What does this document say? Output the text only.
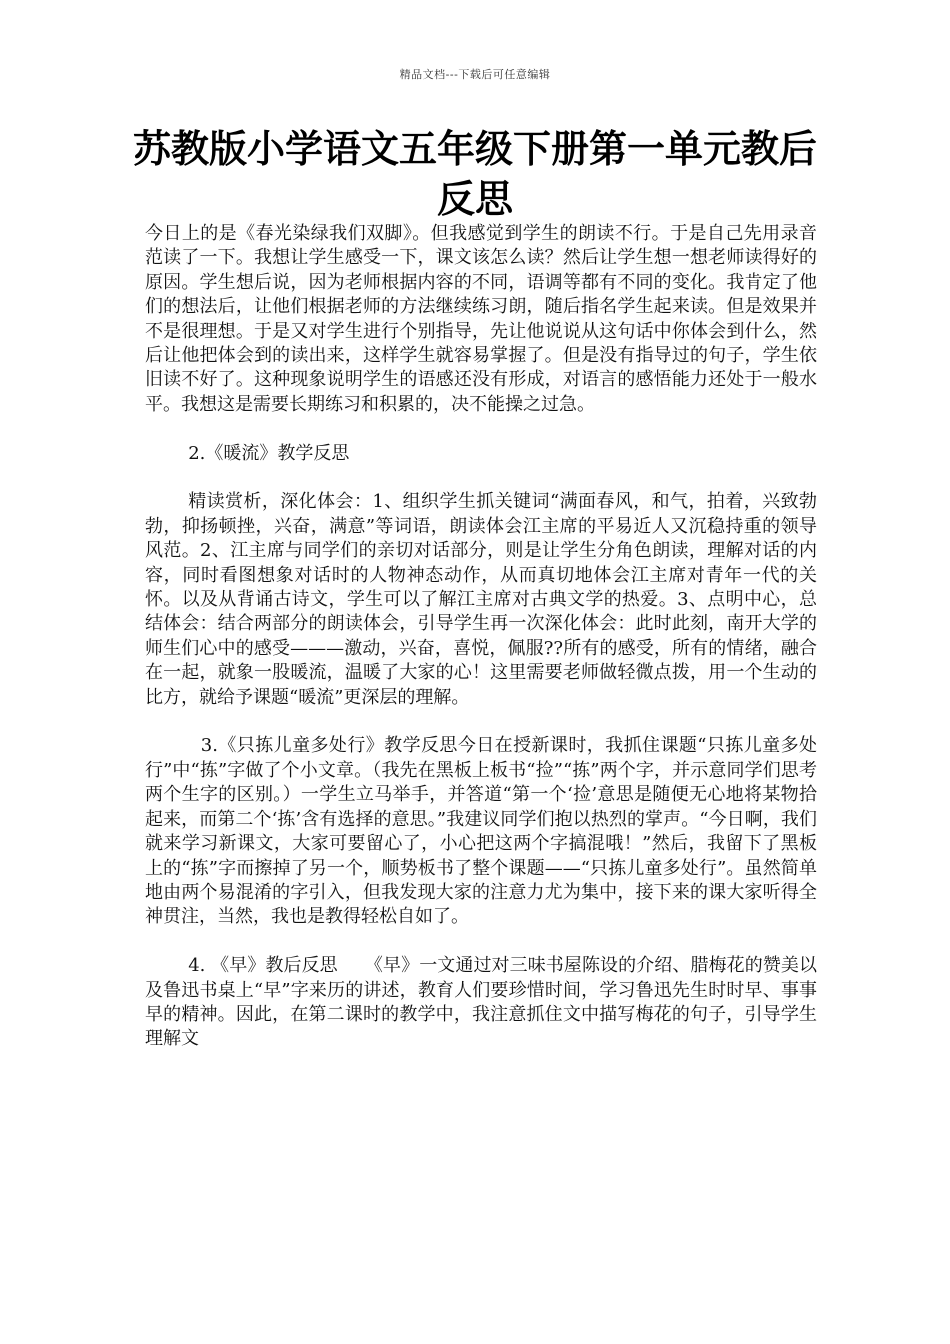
精品文档---下载后可任意编辑
苏教版小学语文五年级下册第一单元教后反思

今日上的是《春光染绿我们双脚》。但我感觉到学生的朗读不行。于是自己先用录音范读了一下。我想让学生感受一下，课文该怎么读？然后让学生想一想老师读得好的原因。学生想后说，因为老师根据内容的不同，语调等都有不同的变化。我肯定了他们的想法后，让他们根据老师的方法继续练习朗，随后指名学生起来读。但是效果并不是很理想。于是又对学生进行个别指导，先让他说说从这句话中你体会到什么，然后让他把体会到的读出来，这样学生就容易掌握了。但是没有指导过的句子，学生依旧读不好了。这种现象说明学生的语感还没有形成，对语言的感悟能力还处于一般水平。我想这是需要长期练习和积累的，决不能操之过急。

2.《暖流》教学反思

精读赏析，深化体会：1、组织学生抓关键词“满面春风，和气，拍着，兴致勃勃，抑扬顿挫，兴奋，满意”等词语，朗读体会江主席的平易近人又沉稳持重的领导风范。2、江主席与同学们的亲切对话部分，则是让学生分角色朗读，理解对话的内容，同时看图想象对话时的人物神态动作，从而真切地体会江主席对青年一代的关怀。以及从背诵古诗文，学生可以了解江主席对古典文学的热爱。3、点明中心，总结体会：结合两部分的朗读体会，引导学生再一次深化体会：此时此刻，南开大学的师生们心中的感受———激动，兴奋，喜悦，佩服??所有的感受，所有的情绪，融合在一起，就象一股暖流，温暖了大家的心！这里需要老师做轻微点拨，用一个生动的比方，就给予课题“暖流”更深层的理解。

3.《只拣儿童多处行》教学反思今日在授新课时，我抓住课题“只拣儿童多处行”中“拣”字做了个小文章。（我先在黑板上板书“捡”“拣”两个字，并示意同学们思考两个生字的区别。）一学生立马举手，并答道“第一个‘捡’意思是随便无心地将某物拾起来，而第二个‘拣’含有选择的意思。”我建议同学们抱以热烈的掌声。“今日啊，我们就来学习新课文，大家可要留心了，小心把这两个字搞混哦！”然后，我留下了黑板上的“拣”字而擦掉了另一个，顺势板书了整个课题——“只拣儿童多处行”。虽然简单地由两个易混淆的字引入，但我发现大家的注意力尤为集中，接下来的课大家听得全神贯注，当然，我也是教得轻松自如了。

4. 《早》教后反思　　《早》一文通过对三味书屋陈设的介绍、腊梅花的赞美以及鲁迅书桌上“早”字来历的讲述，教育人们要珍惜时间，学习鲁迅先生时时早、事事早的精神。因此，在第二课时的教学中，我注意抓住文中描写梅花的句子，引导学生理解文
